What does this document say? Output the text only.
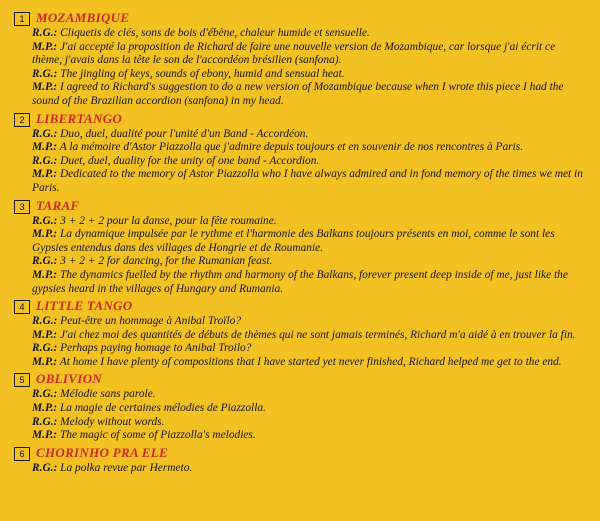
1 MOZAMBIQUE
R.G.: Cliquetis de clés, sons de bois d'ébène, chaleur humide et sensuelle.
M.P.: J'ai accepté la proposition de Richard de faire une nouvelle version de Mozambique, car lorsque j'ai écrit ce thème, j'avais dans la tête le son de l'accordéon brésilien (sanfona).
R.G.: The jingling of keys, sounds of ebony, humid and sensual heat.
M.P.: I agreed to Richard's suggestion to do a new version of Mozambique because when I wrote this piece I had the sound of the Brazilian accordion (sanfona) in my head.
2 LIBERTANGO
R.G.: Duo, duel, dualité pour l'unité d'un Band - Accordéon.
M.P.: A la mémoire d'Astor Piazzolla que j'admire depuis toujours et en souvenir de nos rencontres à Paris.
R.G.: Duet, duel, duality for the unity of one band - Accordion.
M.P.: Dedicated to the memory of Astor Piazzolla who I have always admired and in fond memory of the times we met in Paris.
3 TARAF
R.G.: 3 + 2 + 2 pour la danse, pour la fête roumaine.
M.P.: La dynamique impulsée par le rythme et l'harmonie des Balkans toujours présents en moi, comme le sont les Gypsies entendus dans des villages de Hongrie et de Roumanie.
R.G.: 3 + 2 + 2 for dancing, for the Rumanian feast.
M.P.: The dynamics fuelled by the rhythm and harmony of the Balkans, forever present deep inside of me, just like the gypsies heard in the villages of Hungary and Rumania.
4 LITTLE TANGO
R.G.: Peut-être un hommage à Anibal Troïlo?
M.P.: J'ai chez moi des quantités de débuts de thèmes qui ne sont jamais terminés, Richard m'a aidé à en trouver la fin.
R.G.: Perhaps paying homage to Anibal Troilo?
M.P.: At home I have plenty of compositions that I have started yet never finished, Richard helped me get to the end.
5 OBLIVION
R.G.: Mélodie sans parole.
M.P.: La magie de certaines mélodies de Piazzolla.
R.G.: Melody without words.
M.P.: The magic of some of Piazzolla's melodies.
6 CHORINHO PRA ELE
R.G.: La polka revue par Hermeto.
